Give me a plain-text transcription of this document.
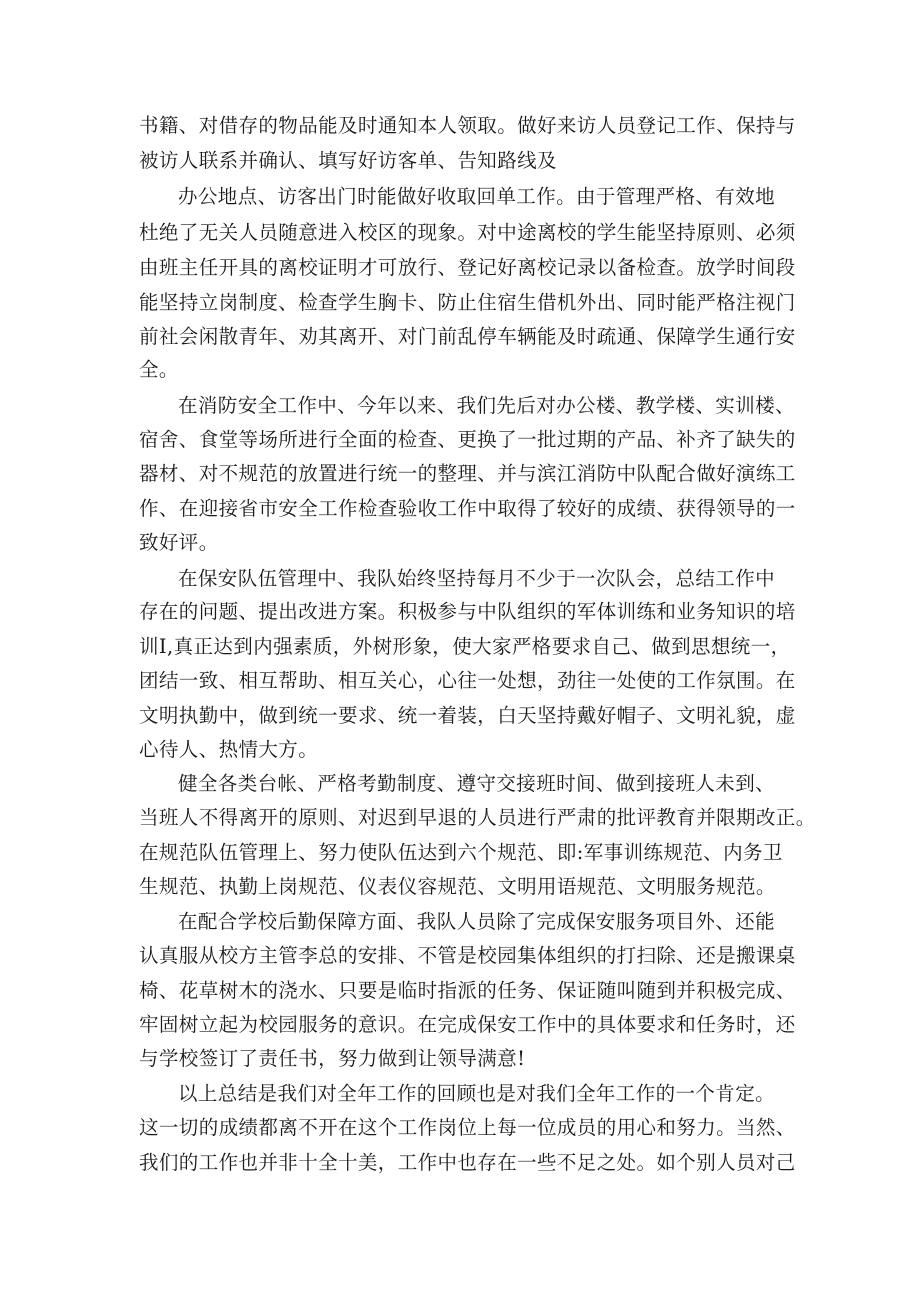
书籍、对借存的物品能及时通知本人领取。做好来访人员登记工作、保持与
被访人联系并确认、填写好访客单、告知路线及
办公地点、访客出门时能做好收取回单工作。由于管理严格、有效地
杜绝了无关人员随意进入校区的现象。对中途离校的学生能坚持原则、必须
由班主任开具的离校证明才可放行、登记好离校记录以备检查。放学时间段
能坚持立岗制度、检查学生胸卡、防止住宿生借机外出、同时能严格注视门
前社会闲散青年、劝其离开、对门前乱停车辆能及时疏通、保障学生通行安
全。
在消防安全工作中、今年以来、我们先后对办公楼、教学楼、实训楼、
宿舍、食堂等场所进行全面的检查、更换了一批过期的产品、补齐了缺失的
器材、对不规范的放置进行统一的整理、并与滨江消防中队配合做好演练工
作、在迎接省市安全工作检查验收工作中取得了较好的成绩、获得领导的一
致好评。
在保安队伍管理中、我队始终坚持每月不少于一次队会，总结工作中
存在的问题、提出改进方案。积极参与中队组织的军体训练和业务知识的培
训I,真正达到内强素质，外树形象，使大家严格要求自己、做到思想统一，
团结一致、相互帮助、相互关心，心往一处想，劲往一处使的工作氛围。在
文明执勤中，做到统一要求、统一着装，白天坚持戴好帽子、文明礼貌，虚
心待人、热情大方。
健全各类台帐、严格考勤制度、遵守交接班时间、做到接班人未到、
当班人不得离开的原则、对迟到早退的人员进行严肃的批评教育并限期改正。
在规范队伍管理上、努力使队伍达到六个规范、即:军事训练规范、内务卫
生规范、执勤上岗规范、仪表仪容规范、文明用语规范、文明服务规范。
在配合学校后勤保障方面、我队人员除了完成保安服务项目外、还能
认真服从校方主管李总的安排、不管是校园集体组织的打扫除、还是搬课桌
椅、花草树木的浇水、只要是临时指派的任务、保证随叫随到并积极完成、
牢固树立起为校园服务的意识。在完成保安工作中的具体要求和任务时，还
与学校签订了责任书，努力做到让领导满意!
以上总结是我们对全年工作的回顾也是对我们全年工作的一个肯定。
这一切的成绩都离不开在这个工作岗位上每一位成员的用心和努力。当然、
我们的工作也并非十全十美，工作中也存在一些不足之处。如个别人员对己
